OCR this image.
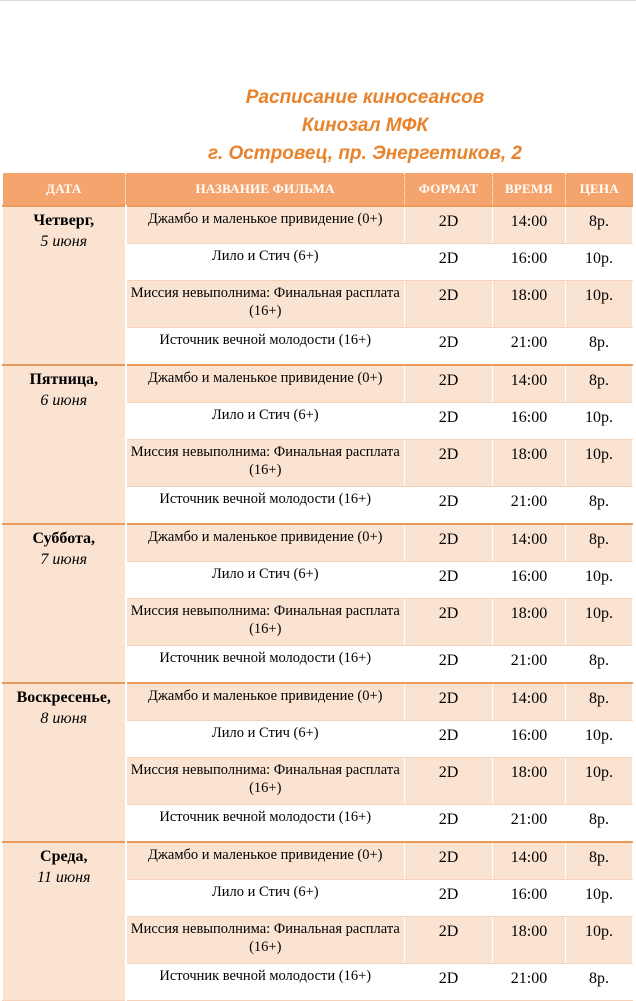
Расписание киносеансов
Кинозал МФК
г. Островец, пр. Энергетиков, 2
ДАТА	НАЗВАНИЕ ФИЛЬМА	ФОРМАТ	ВРЕМЯ	ЦЕНА

Четверг,
5 июня	Джамбо и маленькое привидение (0+)	2D	14:00	8р.
	Лило и Стич (6+)	2D	16:00	10р.
	Миссия невыполнима: Финальная расплата (16+)	2D	18:00	10р.
	Источник вечной молодости (16+)	2D	21:00	8р.

Пятница,
6 июня	Джамбо и маленькое привидение (0+)	2D	14:00	8р.
	Лило и Стич (6+)	2D	16:00	10р.
	Миссия невыполнима: Финальная расплата (16+)	2D	18:00	10р.
	Источник вечной молодости (16+)	2D	21:00	8р.

Суббота,
7 июня	Джамбо и маленькое привидение (0+)	2D	14:00	8р.
	Лило и Стич (6+)	2D	16:00	10р.
	Миссия невыполнима: Финальная расплата (16+)	2D	18:00	10р.
	Источник вечной молодости (16+)	2D	21:00	8р.

Воскресенье,
8 июня	Джамбо и маленькое привидение (0+)	2D	14:00	8р.
	Лило и Стич (6+)	2D	16:00	10р.
	Миссия невыполнима: Финальная расплата (16+)	2D	18:00	10р.
	Источник вечной молодости (16+)	2D	21:00	8р.

Среда,
11 июня	Джамбо и маленькое привидение (0+)	2D	14:00	8р.
	Лило и Стич (6+)	2D	16:00	10р.
	Миссия невыполнима: Финальная расплата (16+)	2D	18:00	10р.
	Источник вечной молодости (16+)	2D	21:00	8р.
